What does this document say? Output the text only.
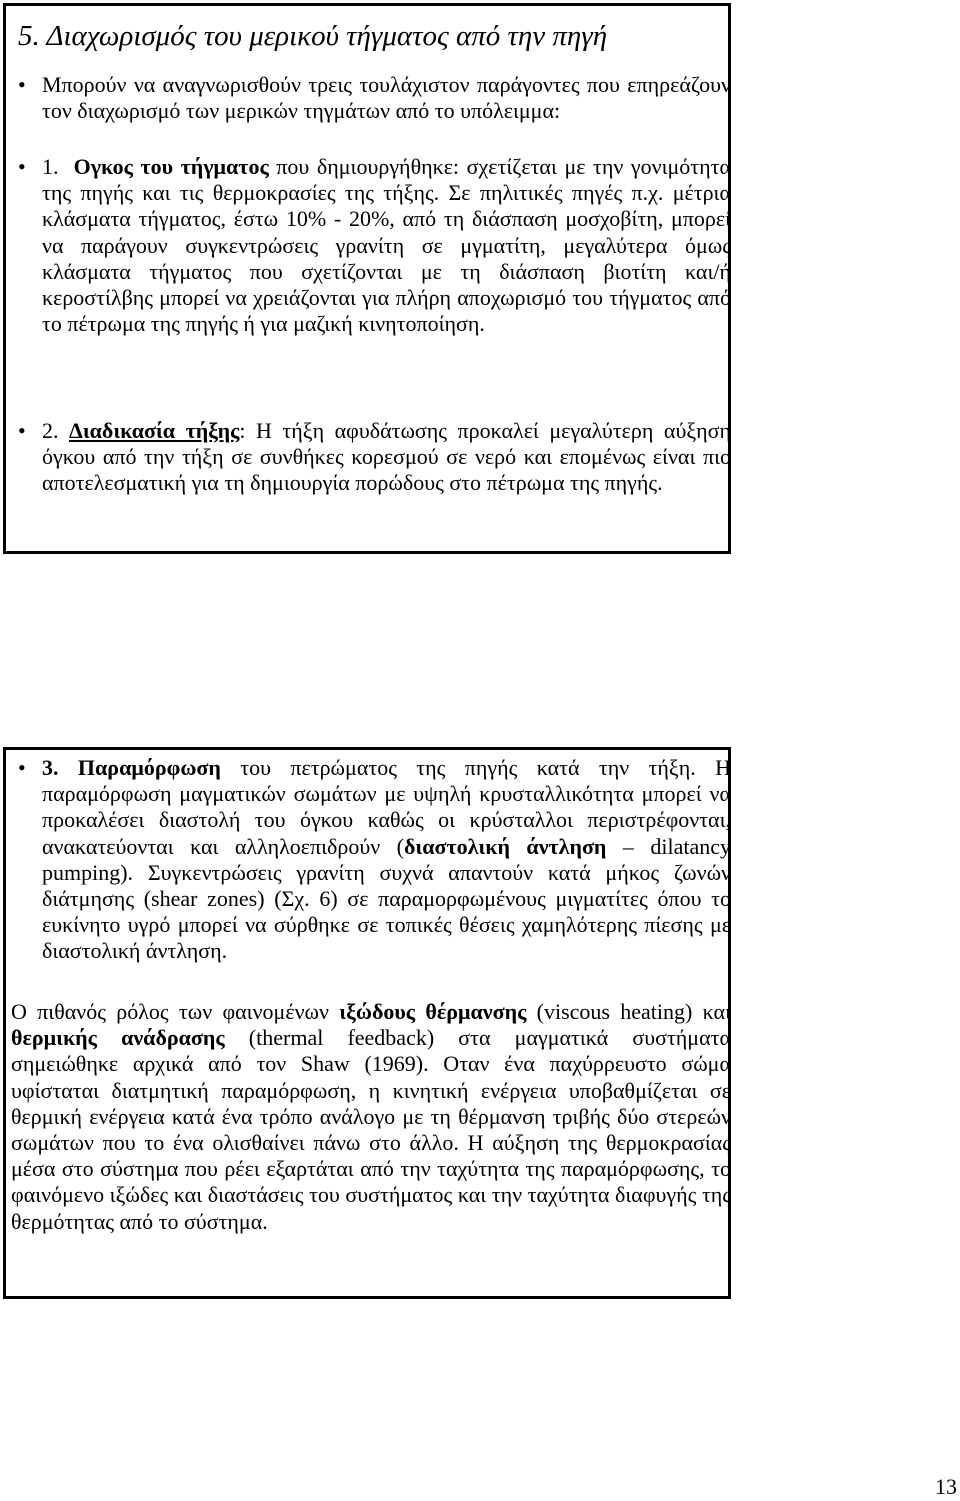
5. Διαχωρισμός του μερικού τήγματος από την πηγή
• Μπορούν να αναγνωρισθούν τρεις τουλάχιστον παράγοντες που επηρεάζουν τον διαχωρισμό των μερικών τηγμάτων από το υπόλειμμα:
• 1. Ογκος του τήγματος που δημιουργήθηκε: σχετίζεται με την γονιμότητα της πηγής και τις θερμοκρασίες της τήξης. Σε πηλιτικές πηγές π.χ. μέτρια κλάσματα τήγματος, έστω 10% - 20%, από τη διάσπαση μοσχοβίτη, μπορεί να παράγουν συγκεντρώσεις γρανίτη σε μγματίτη, μεγαλύτερα όμως κλάσματα τήγματος που σχετίζονται με τη διάσπαση βιοτίτη και/ή κεροστίλβης μπορεί να χρειάζονται για πλήρη αποχωρισμό του τήγματος από το πέτρωμα της πηγής ή για μαζική κινητοποίηση.
• 2. Διαδικασία τήξης: Η τήξη αφυδάτωσης προκαλεί μεγαλύτερη αύξηση όγκου από την τήξη σε συνθήκες κορεσμού σε νερό και επομένως είναι πιο αποτελεσματική για τη δημιουργία πορώδους στο πέτρωμα της πηγής.
• 3. Παραμόρφωση του πετρώματος της πηγής κατά την τήξη. Η παραμόρφωση μαγματικών σωμάτων με υψηλή κρυσταλλικότητα μπορεί να προκαλέσει διαστολή του όγκου καθώς οι κρύσταλλοι περιστρέφονται, ανακατεύονται και αλληλοεπιδρούν (διαστολική άντληση – dilatancy pumping). Συγκεντρώσεις γρανίτη συχνά απαντούν κατά μήκος ζωνών διάτμησης (shear zones) (Σχ. 6) σε παραμορφωμένους μιγματίτες όπου το ευκίνητο υγρό μπορεί να σύρθηκε σε τοπικές θέσεις χαμηλότερης πίεσης με διαστολική άντληση.
Ο πιθανός ρόλος των φαινομένων ιξώδους θέρμανσης (viscous heating) και θερμικής ανάδρασης (thermal feedback) στα μαγματικά συστήματα σημειώθηκε αρχικά από τον Shaw (1969). Οταν ένα παχύρρευστο σώμα υφίσταται διατμητική παραμόρφωση, η κινητική ενέργεια υποβαθμίζεται σε θερμική ενέργεια κατά ένα τρόπο ανάλογο με τη θέρμανση τριβής δύο στερεών σωμάτων που το ένα ολισθαίνει πάνω στο άλλο. Η αύξηση της θερμοκρασίας μέσα στο σύστημα που ρέει εξαρτάται από την ταχύτητα της παραμόρφωσης, το φαινόμενο ιξώδες και διαστάσεις του συστήματος και την ταχύτητα διαφυγής της θερμότητας από το σύστημα.
13
